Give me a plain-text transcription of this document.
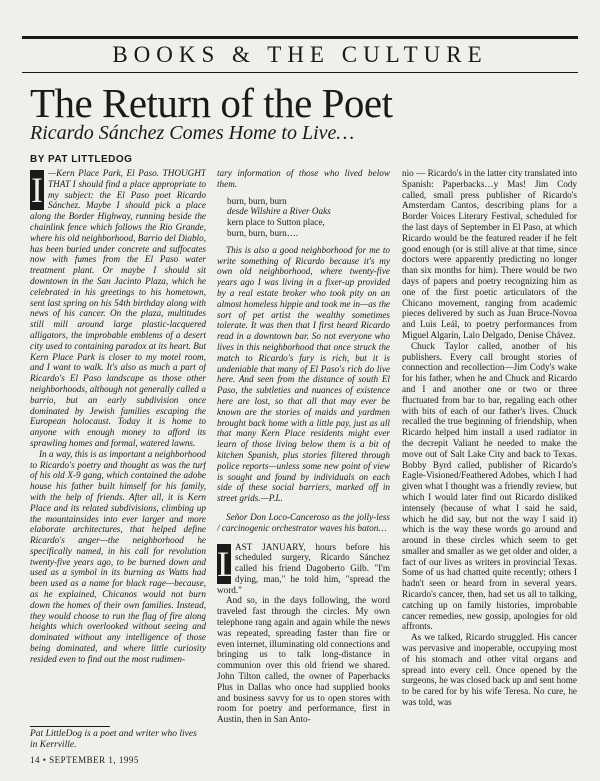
BOOKS & THE CULTURE
The Return of the Poet
Ricardo Sánchez Comes Home to Live…
BY PAT LITTLEDOG

I —Kern Place Park, El Paso. THOUGHT THAT I should find a place appropriate to my subject: the El Paso poet Ricardo Sánchez. Maybe I should pick a place along the Border Highway, running beside the chainlink fence which follows the Rio Grande, where his old neighborhood, Barrio del Diablo, has been buried under concrete and suffocates now with fumes from the El Paso water treatment plant. Or maybe I should sit downtown in the San Jacinto Plaza, which he celebrated in his greetings to his hometown, sent last spring on his 54th birthday along with news of his cancer. On the plaza, multitudes still mill around large plastic-lacquered alligators, the improbable emblems of a desert city used to containing paradox at its heart. But Kern Place Park is closer to my motel room, and I want to walk. It's also as much a part of Ricardo's El Paso landscape as those other neighborhoods, although not generally called a barrio, but an early subdivision once dominated by Jewish families escaping the European holocaust. Today it is home to anyone with enough money to afford its sprawling homes and formal, watered lawns.

In a way, this is as important a neighborhood to Ricardo's poetry and thought as was the turf of his old X-9 gang, which contained the adobe house his father built himself for his family, with the help of friends. After all, it is Kern Place and its related subdivisions, climbing up the mountainsides into ever larger and more elaborate architectures, that helped define Ricardo's anger—the neighborhood he specifically named, in his call for revolution twenty-five years ago, to be burned down and used as a symbol in its burning as Watts had been used as a name for black rage—because, as he explained, Chicanos would not burn down the homes of their own families. Instead, they would choose to run the flag of fire along heights which overlooked without seeing and dominated without any intelligence of those being dominated, and where little curiosity resided even to find out the most rudimen-

tary information of those who lived below them.

burn, burn, burn
desde Wilshire a River Oaks
kern place to Sutton place,
burn, burn, burn….

This is also a good neighborhood for me to write something of Ricardo because it's my own old neighborhood, where twenty-five years ago I was living in a fixer-up provided by a real estate broker who took pity on an almost homeless hippie and took me in—as the sort of pet artist the wealthy sometimes tolerate. It was then that I first heard Ricardo read in a downtown bar. So not everyone who lives in this neighborhood that once struck the match to Ricardo's fury is rich, but it is undeniable that many of El Paso's rich do live here. And seen from the distance of south El Paso, the subtleties and nuances of existence here are lost, so that all that may ever be known are the stories of maids and yardmen brought back home with a little pay, just as all that many Kern Place residents might ever learn of those living below them is a bit of kitchen Spanish, plus stories filtered through police reports—unless some new point of view is sought and found by individuals on each side of these social barriers, marked off in street grids.—P.L.

Señor Don Loco-Canceroso as the jolly-less / carcinogenic orchestrator waves his baton…

L
AST JANUARY, hours before his scheduled surgery, Ricardo Sánchez called his friend Dagoberto Gilb. "I'm dying, man," he told him, "spread the word."

And so, in the days following, the word traveled fast through the circles. My own telephone rang again and again while the news was repeated, spreading faster than fire or even internet, illuminating old connections and bringing us to talk long-distance in communion over this old friend we shared. John Tilton called, the owner of Paperbacks Plus in Dallas who once had supplied books and business savvy for us to open stores with room for poetry and performance, first in Austin, then in San Anto-

nio — Ricardo's in the latter city translated into Spanish: Paperbacks…y Mas! Jim Cody called, small press publisher of Ricardo's Amsterdam Cantos, describing plans for a Border Voices Literary Festival, scheduled for the last days of September in El Paso, at which Ricardo would be the featured reader if he felt good enough (or is still alive at that time, since doctors were apparently predicting no longer than six months for him). There would be two days of papers and poetry recognizing him as one of the first poetic articulators of the Chicano movement, ranging from academic pieces delivered by such as Juan Bruce-Novoa and Luis Leál, to poetry performances from Miguel Algarín, Lalo Delgado, Denise Chávez.

Chuck Taylor called, another of his publishers. Every call brought stories of connection and recollection—Jim Cody's wake for his father, when he and Chuck and Ricardo and I and another one or two or three fluctuated from bar to bar, regaling each other with bits of each of our father's lives. Chuck recalled the true beginning of friendship, when Ricardo helped him install a used radiator in the decrepit Valiant he needed to make the move out of Salt Lake City and back to Texas. Bobby Byrd called, publisher of Ricardo's Eagle-Visioned/Feathered Adobes, which I had given what I thought was a friendly review, but which I would later find out Ricardo disliked intensely (because of what I said he said, which he did say, but not the way I said it) which is the way these words go around and around in these circles which seem to get smaller and smaller as we get older and older, a fact of our lives as writers in provincial Texas. Some of us had chatted quite recently; others I hadn't seen or heard from in several years. Ricardo's cancer, then, had set us all to talking, catching up on family histories, improbable cancer remedies, new gossip, apologies for old affronts.

As we talked, Ricardo struggled. His cancer was pervasive and inoperable, occupying most of his stomach and other vital organs and spread into every cell. Once opened by the surgeons, he was closed back up and sent home to be cared for by his wife Teresa. No cure, he was told, was

Pat LittleDog is a poet and writer who lives in Kerrville.
14 • SEPTEMBER 1, 1995
